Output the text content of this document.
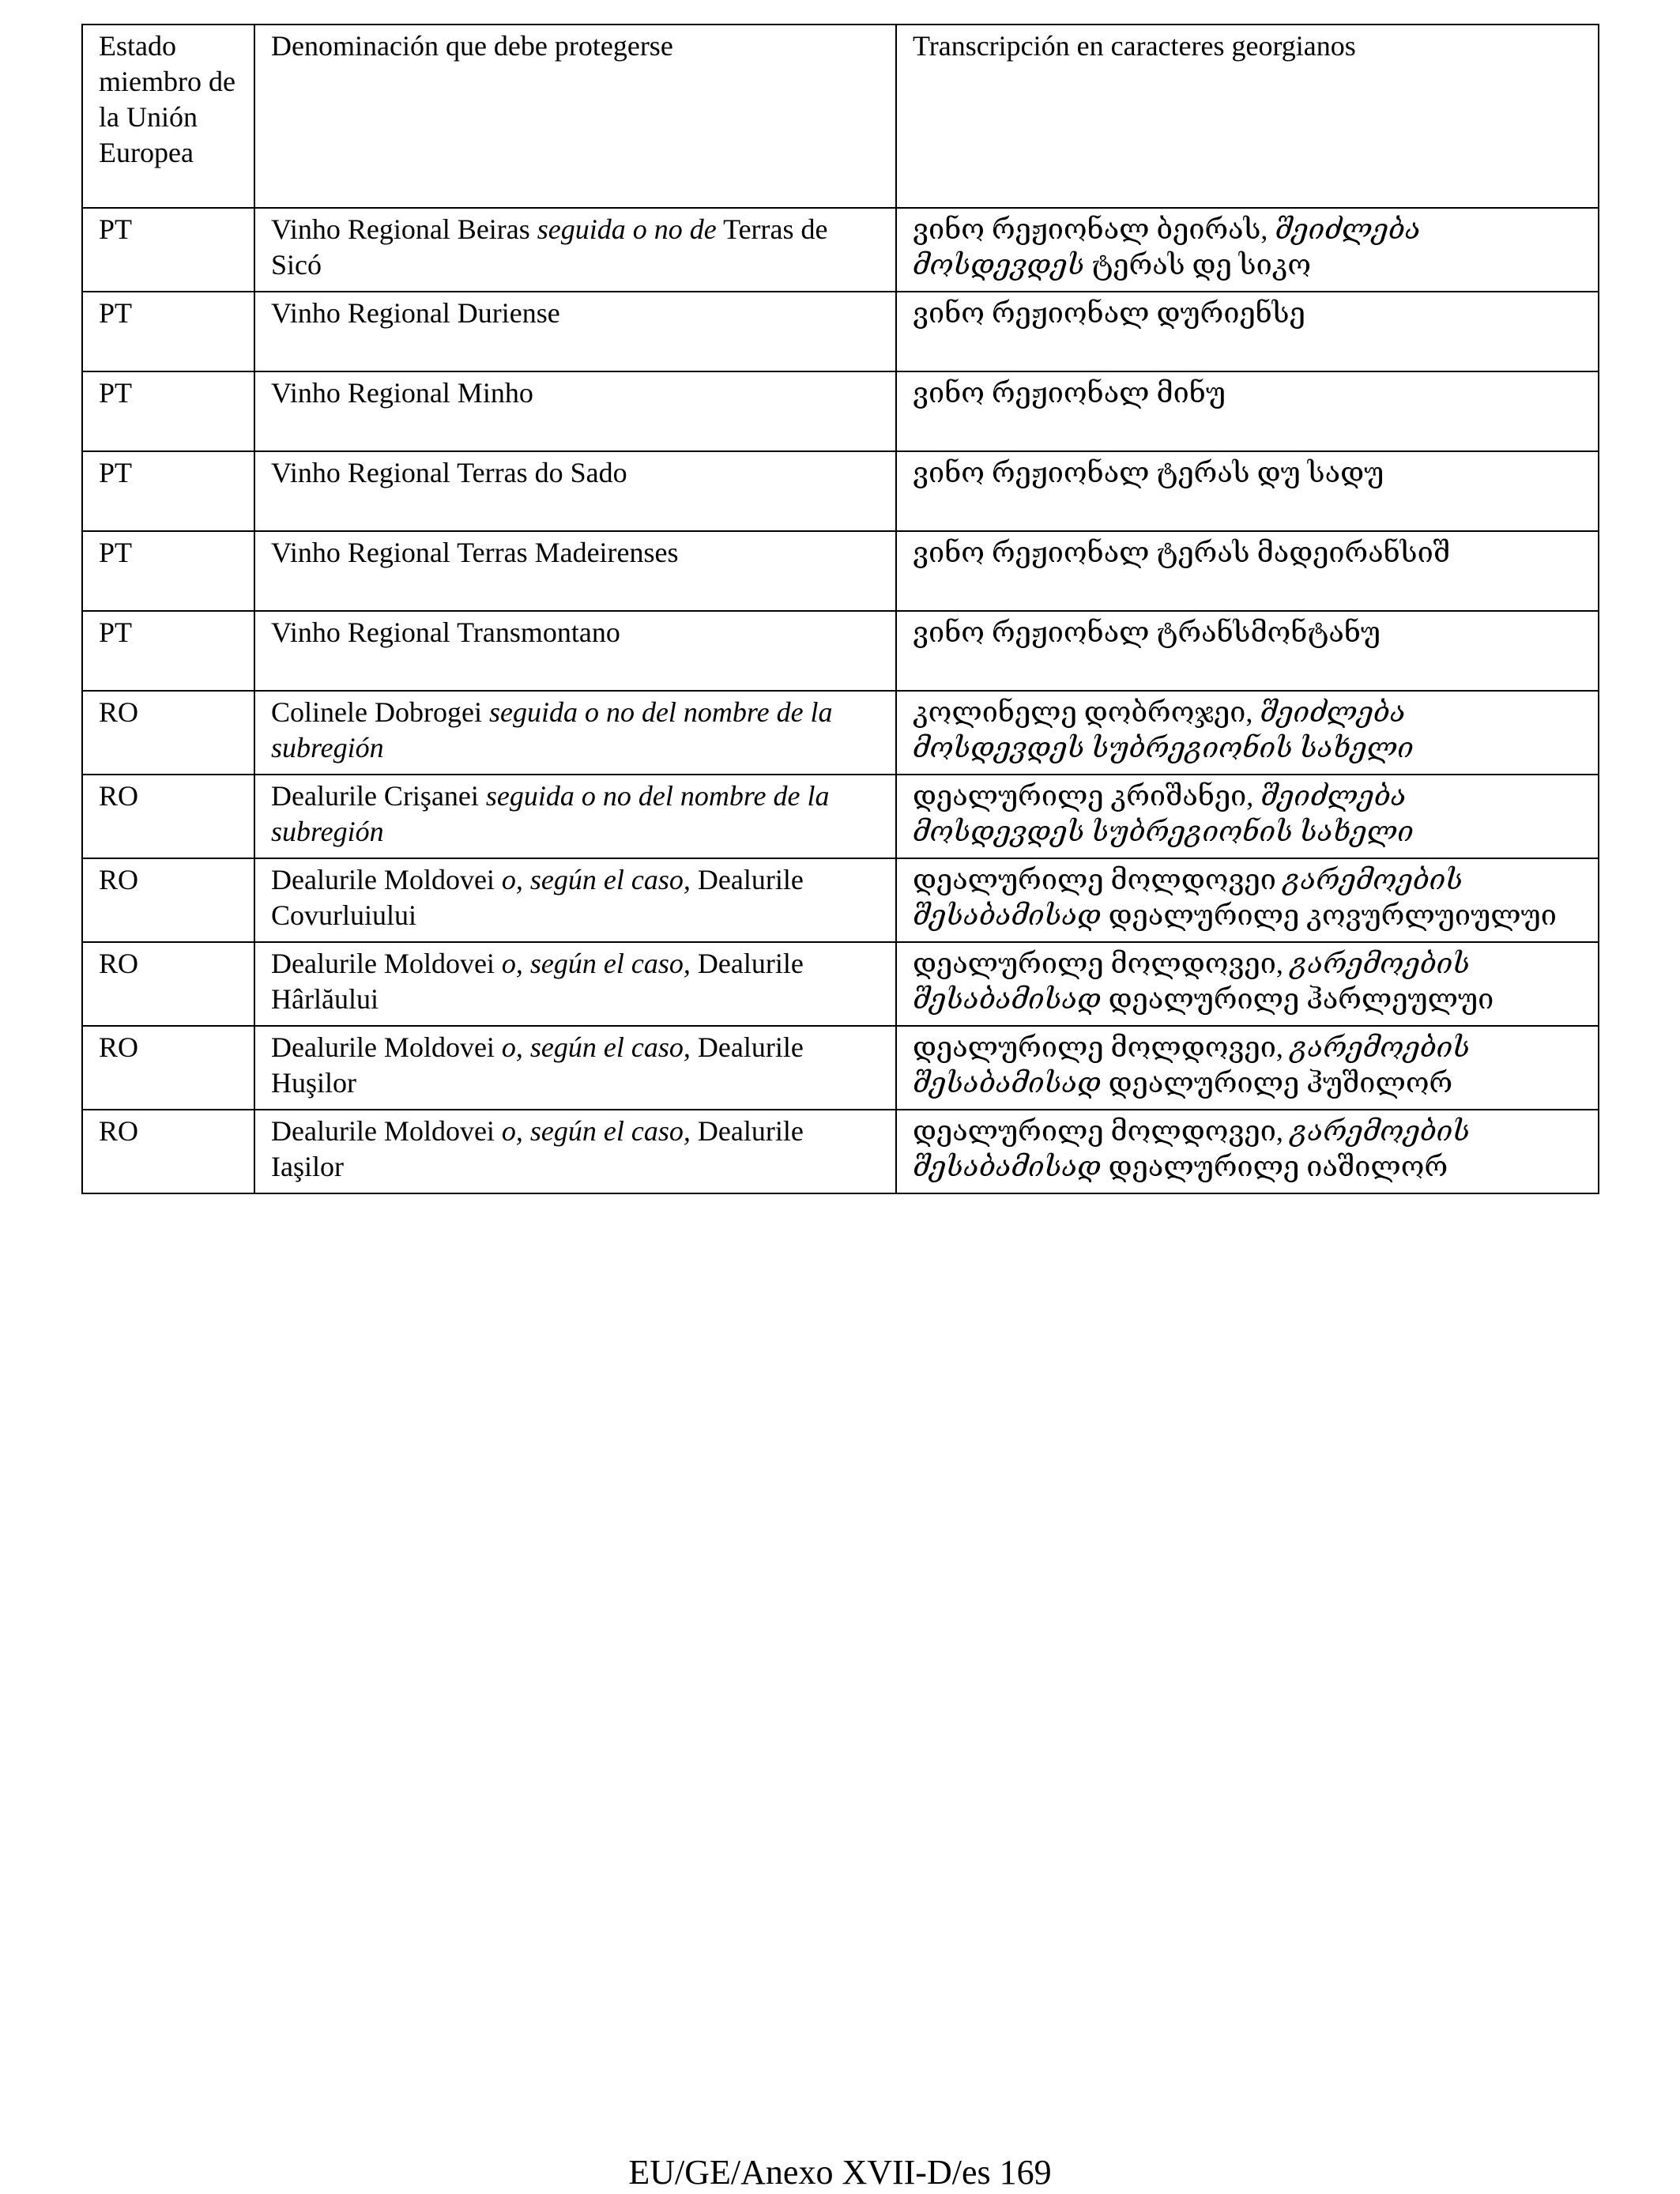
Estado miembro de la Unión Europea	Denominación que debe protegerse	Transcripción en caracteres georgianos
PT	Vinho Regional Beiras seguida o no de Terras de Sicó	ვინო რეჟიონალ ბეირას, შეიძლება მოსდევდეს ტერას დე სიკო
PT	Vinho Regional Duriense	ვინო რეჟიონალ დურიენსე
PT	Vinho Regional Minho	ვინო რეჟიონალ მინუ
PT	Vinho Regional Terras do Sado	ვინო რეჟიონალ ტერას დუ სადუ
PT	Vinho Regional Terras Madeirenses	ვინო რეჟიონალ ტერას მადეირანსიშ
PT	Vinho Regional Transmontano	ვინო რეჟიონალ ტრანსმონტანუ
RO	Colinele Dobrogei seguida o no del nombre de la subregión	კოლინელე დობროჯეი, შეიძლება მოსდევდეს სუბრეგიონის სახელი
RO	Dealurile Crişanei seguida o no del nombre de la subregión	დეალურილე კრიშანეი, შეიძლება მოსდევდეს სუბრეგიონის სახელი
RO	Dealurile Moldovei o, según el caso, Dealurile Covurluiului	დეალურილე მოლდოვეი გარემოების შესაბამისად დეალურილე კოვურლუიულუი
RO	Dealurile Moldovei o, según el caso, Dealurile Hârlăului	დეალურილე მოლდოვეი, გარემოების შესაბამისად დეალურილე ჰარლეულუი
RO	Dealurile Moldovei o, según el caso, Dealurile Huşilor	დეალურილე მოლდოვეი, გარემოების შესაბამისად დეალურილე ჰუშილორ
RO	Dealurile Moldovei o, según el caso, Dealurile Iaşilor	დეალურილე მოლდოვეი, გარემოების შესაბამისად დეალურილე იაშილორ
EU/GE/Anexo XVII-D/es 169
